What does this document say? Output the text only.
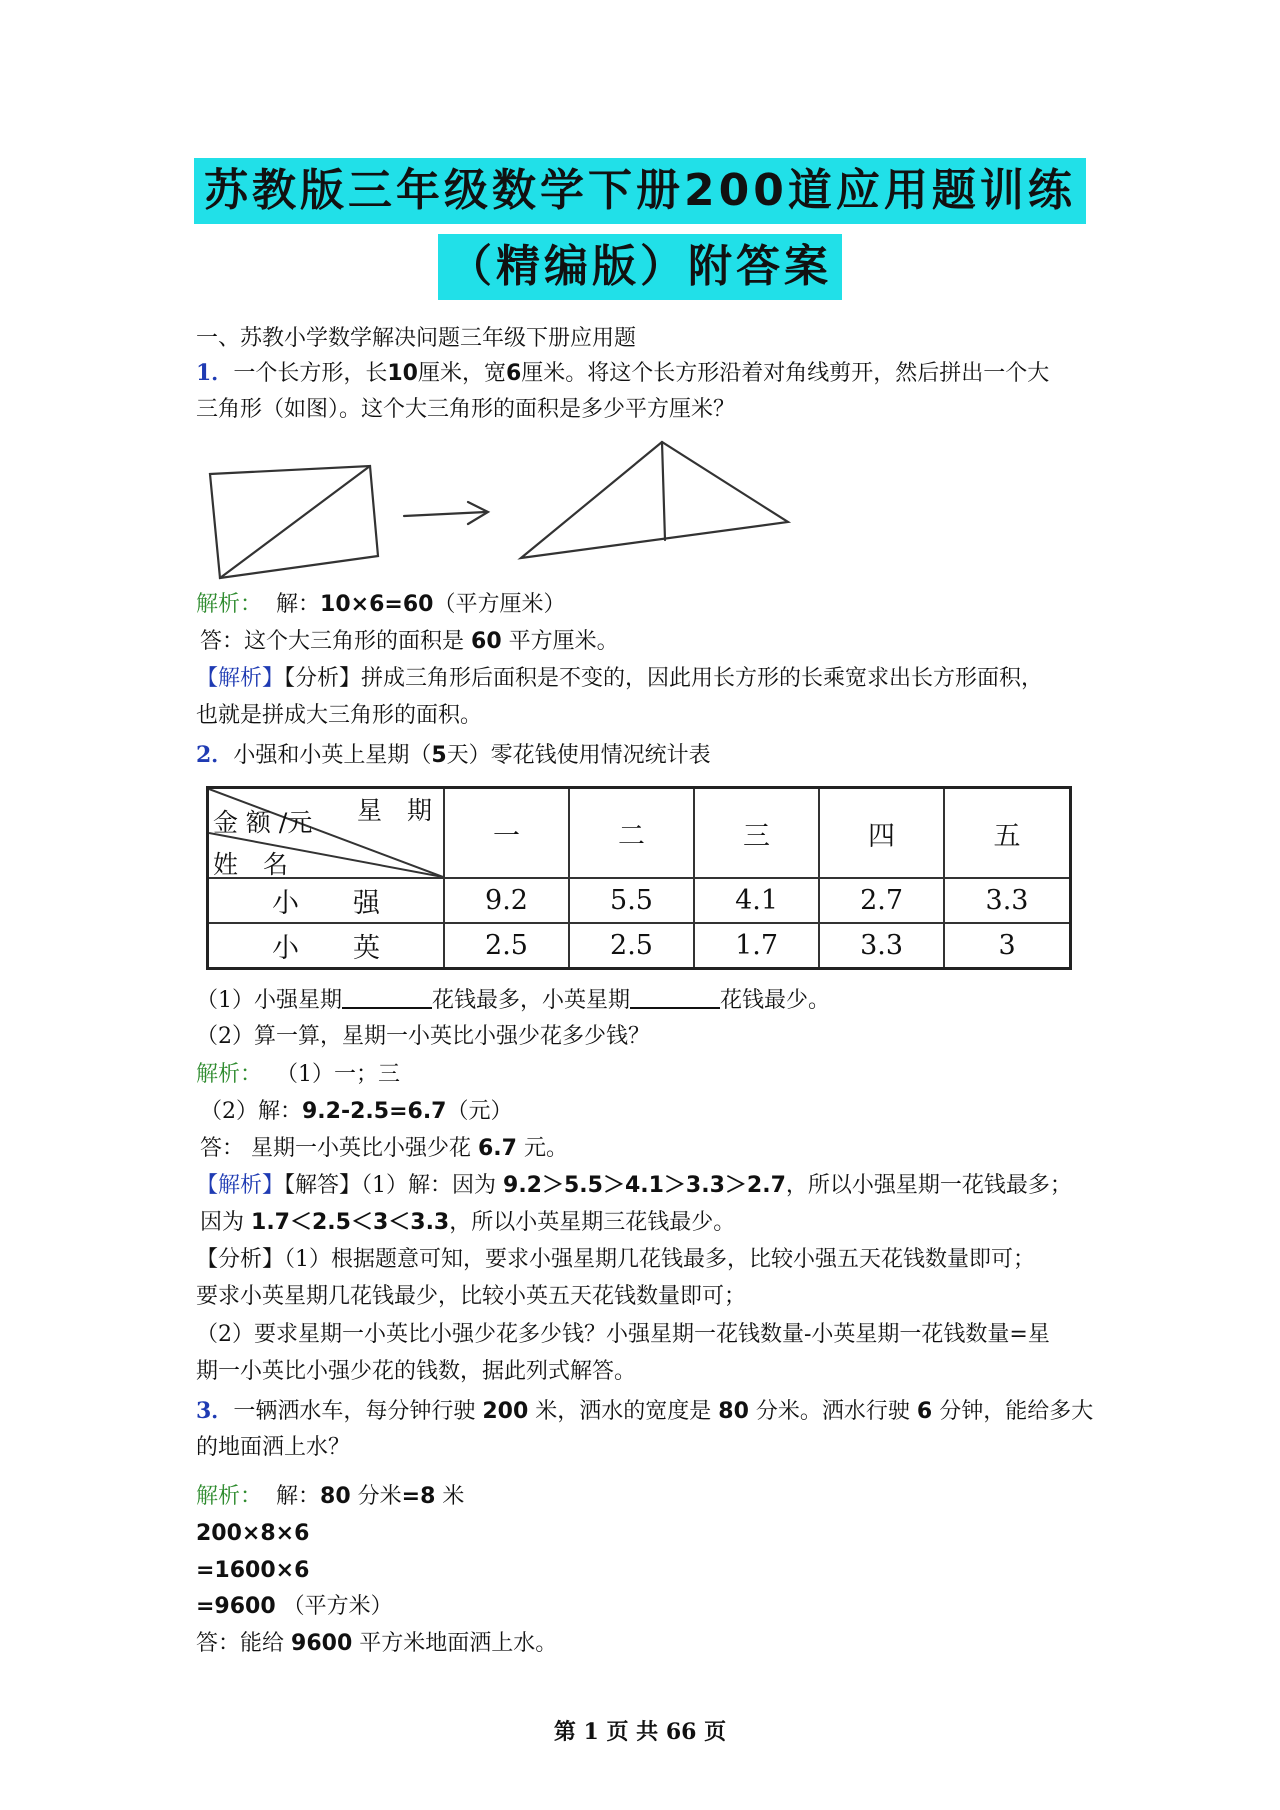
苏教版三年级数学下册200道应用题训练
（精编版）附答案
一、苏教小学数学解决问题三年级下册应用题
1．一个长方形，长10厘米，宽6厘米。将这个长方形沿着对角线剪开，然后拼出一个大
三角形（如图）。这个大三角形的面积是多少平方厘米？
解析： 解：10×6=60（平方厘米）
答：这个大三角形的面积是 60 平方厘米。
【解析】【分析】拼成三角形后面积是不变的，因此用长方形的长乘宽求出长方形面积，
也就是拼成大三角形的面积。
2．小强和小英上星期（5天）零花钱使用情况统计表
星　期
金 额 /元
姓　名	一	二	三	四	五
小　　强	9.2	5.5	4.1	2.7	3.3
小　　英	2.5	2.5	1.7	3.3	3
（1）小强星期	花钱最多，小英星期	花钱最少。
（2）算一算，星期一小英比小强少花多少钱？
解析： （1）一；三
（2）解：9.2-2.5=6.7（元）
答： 星期一小英比小强少花 6.7 元。
【解析】【解答】（1）解：因为 9.2＞5.5＞4.1＞3.3＞2.7，所以小强星期一花钱最多；
因为 1.7＜2.5＜3＜3.3，所以小英星期三花钱最少。
【分析】（1）根据题意可知，要求小强星期几花钱最多，比较小强五天花钱数量即可；
要求小英星期几花钱最少，比较小英五天花钱数量即可；
（2）要求星期一小英比小强少花多少钱？小强星期一花钱数量-小英星期一花钱数量=星
期一小英比小强少花的钱数，据此列式解答。
3．一辆洒水车，每分钟行驶 200 米，洒水的宽度是 80 分米。洒水行驶 6 分钟，能给多大
的地面洒上水？
解析： 解：80 分米=8 米
200×8×6
=1600×6
=9600 （平方米）
答：能给 9600 平方米地面洒上水。
第 1 页 共 66 页
